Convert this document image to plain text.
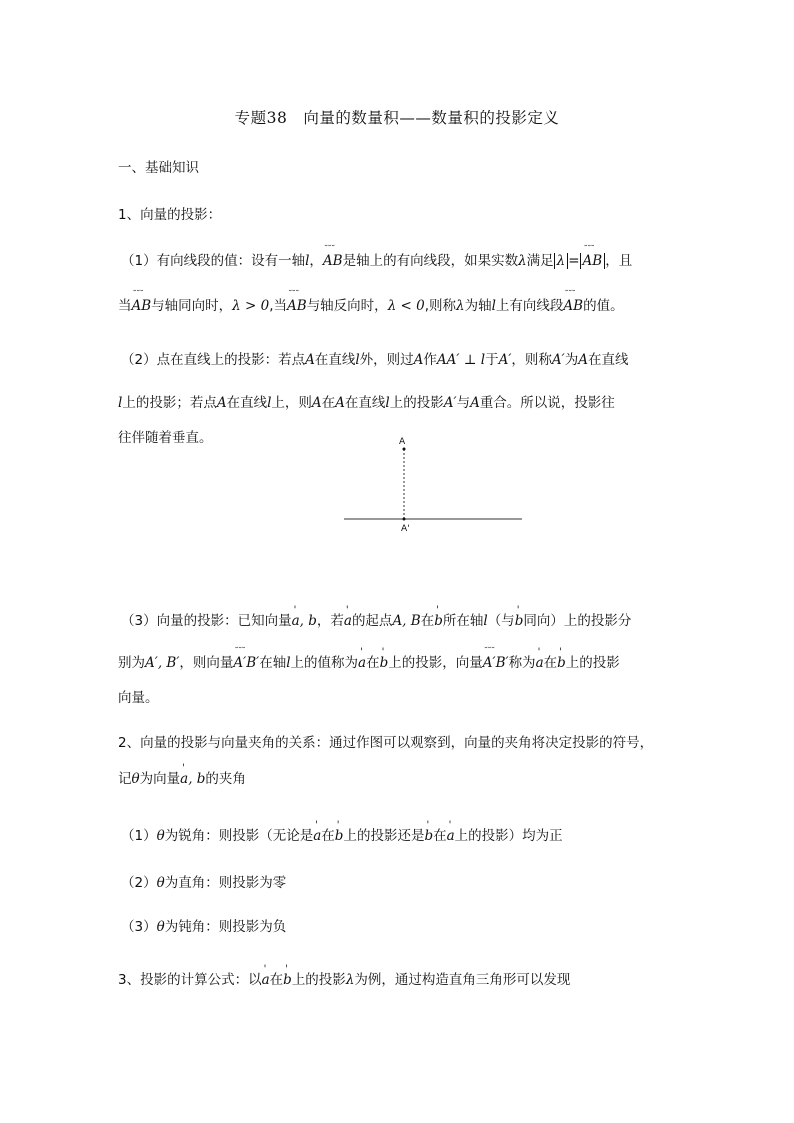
专题38　向量的数量积——数量积的投影定义
一、基础知识
1、向量的投影：
（1）有向线段的值：设有一轴l，˘˘˘ AB是轴上的有向线段，如果实数λ满足 λ =˘˘˘ AB ，且
当˘˘˘ AB与轴同向时，λ > 0,当˘˘˘ AB与轴反向时，λ < 0,则称λ为轴l上有向线段˘˘˘ AB的值。
（2）点在直线上的投影：若点A在直线l外，则过A作AA′ ⊥ l于A′，则称A′为A在直线
l上的投影；若点A在直线l上，则A在A在直线l上的投影A′与A重合。所以说，投影往
往伴随着垂直。	A
A'
（3）向量的投影：已知向量' a, b，若' a的起点A, B在' b所在轴l（与' b同向）上的投影分
别为A′, B′，则向量˘˘˘ A′B′在轴l上的值称为' a在' b上的投影，向量˘˘˘ A′B′称为' a在' b上的投影
向量。
2、向量的投影与向量夹角的关系：通过作图可以观察到，向量的夹角将决定投影的符号，
记θ为向量' a, b的夹角
（1）θ为锐角：则投影（无论是' a在' b上的投影还是' b在' a上的投影）均为正
（2）θ为直角：则投影为零
（3）θ为钝角：则投影为负
3、投影的计算公式：以' a在' b上的投影λ为例，通过构造直角三角形可以发现
